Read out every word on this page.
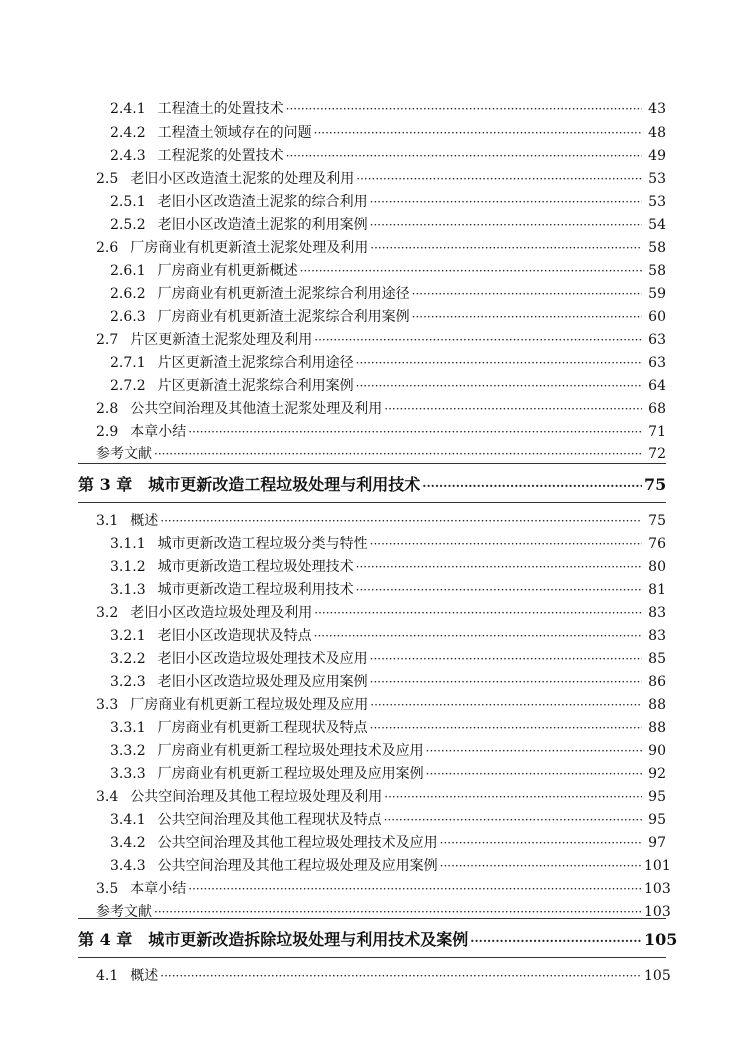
2.4.1 工程渣土的处置技术 ·····	43
2.4.2 工程渣土领域存在的问题 ·····	48
2.4.3 工程泥浆的处置技术 ·····	49
2.5 老旧小区改造渣土泥浆的处理及利用 ·····	53
2.5.1 老旧小区改造渣土泥浆的综合利用 ·····	53
2.5.2 老旧小区改造渣土泥浆的利用案例 ·····	54
2.6 厂房商业有机更新渣土泥浆处理及利用 ·····	58
2.6.1 厂房商业有机更新概述 ·····	58
2.6.2 厂房商业有机更新渣土泥浆综合利用途径 ·····	59
2.6.3 厂房商业有机更新渣土泥浆综合利用案例 ·····	60
2.7 片区更新渣土泥浆处理及利用 ·····	63
2.7.1 片区更新渣土泥浆综合利用途径 ·····	63
2.7.2 片区更新渣土泥浆综合利用案例 ·····	64
2.8 公共空间治理及其他渣土泥浆处理及利用 ·····	68
2.9 本章小结 ·····	71
参考文献 ·····	72
第 3 章 城市更新改造工程垃圾处理与利用技术 ·····	75
3.1 概述 ·····	75
3.1.1 城市更新改造工程垃圾分类与特性 ·····	76
3.1.2 城市更新改造工程垃圾处理技术 ·····	80
3.1.3 城市更新改造工程垃圾利用技术 ·····	81
3.2 老旧小区改造垃圾处理及利用 ·····	83
3.2.1 老旧小区改造现状及特点 ·····	83
3.2.2 老旧小区改造垃圾处理技术及应用 ·····	85
3.2.3 老旧小区改造垃圾处理及应用案例 ·····	86
3.3 厂房商业有机更新工程垃圾处理及应用 ·····	88
3.3.1 厂房商业有机更新工程现状及特点 ·····	88
3.3.2 厂房商业有机更新工程垃圾处理技术及应用 ·····	90
3.3.3 厂房商业有机更新工程垃圾处理及应用案例 ·····	92
3.4 公共空间治理及其他工程垃圾处理及利用 ·····	95
3.4.1 公共空间治理及其他工程现状及特点 ·····	95
3.4.2 公共空间治理及其他工程垃圾处理技术及应用 ·····	97
3.4.3 公共空间治理及其他工程垃圾处理及应用案例 ·····	101
3.5 本章小结 ·····	103
参考文献 ·····	103
第 4 章 城市更新改造拆除垃圾处理与利用技术及案例 ·····	105
4.1 概述 ·····	105
